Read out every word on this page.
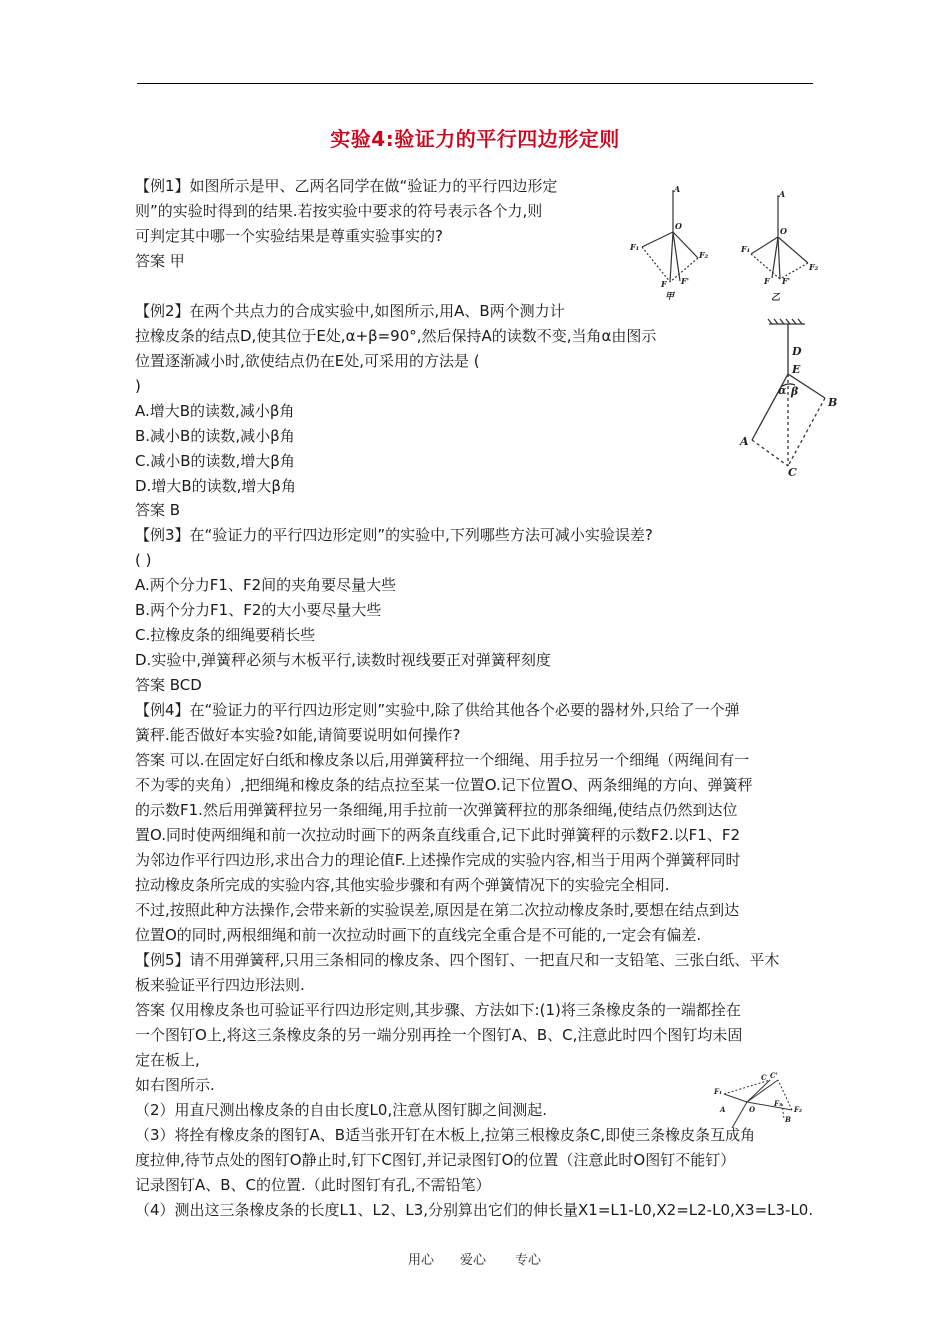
实验4:验证力的平行四边形定则
【例1】如图所示是甲、乙两名同学在做“验证力的平行四边形定
则”的实验时得到的结果.若按实验中要求的符号表示各个力,则
可判定其中哪一个实验结果是尊重实验事实的?
答案 甲
【例2】在两个共点力的合成实验中,如图所示,用A、B两个测力计
拉橡皮条的结点D,使其位于E处,α+β=90°,然后保持A的读数不变,当角α由图示
位置逐渐减小时,欲使结点仍在E处,可采用的方法是 (
)
A.增大B的读数,减小β角
B.减小B的读数,减小β角
C.减小B的读数,增大β角
D.增大B的读数,增大β角
答案 B
【例3】在“验证力的平行四边形定则”的实验中,下列哪些方法可减小实验误差?
( )
A.两个分力F1、F2间的夹角要尽量大些
B.两个分力F1、F2的大小要尽量大些
C.拉橡皮条的细绳要稍长些
D.实验中,弹簧秤必须与木板平行,读数时视线要正对弹簧秤刻度
答案 BCD
【例4】在“验证力的平行四边形定则”实验中,除了供给其他各个必要的器材外,只给了一个弹
簧秤.能否做好本实验?如能,请简要说明如何操作?
答案 可以.在固定好白纸和橡皮条以后,用弹簧秤拉一个细绳、用手拉另一个细绳（两绳间有一
不为零的夹角）,把细绳和橡皮条的结点拉至某一位置O.记下位置O、两条细绳的方向、弹簧秤
的示数F1.然后用弹簧秤拉另一条细绳,用手拉前一次弹簧秤拉的那条细绳,使结点仍然到达位
置O.同时使两细绳和前一次拉动时画下的两条直线重合,记下此时弹簧秤的示数F2.以F1、F2
为邻边作平行四边形,求出合力的理论值F.上述操作完成的实验内容,相当于用两个弹簧秤同时
拉动橡皮条所完成的实验内容,其他实验步骤和有两个弹簧情况下的实验完全相同.
不过,按照此种方法操作,会带来新的实验误差,原因是在第二次拉动橡皮条时,要想在结点到达
位置O的同时,两根细绳和前一次拉动时画下的直线完全重合是不可能的,一定会有偏差.
【例5】请不用弹簧秤,只用三条相同的橡皮条、四个图钉、一把直尺和一支铅笔、三张白纸、平木
板来验证平行四边形法则.
答案 仅用橡皮条也可验证平行四边形定则,其步骤、方法如下:(1)将三条橡皮条的一端都拴在
一个图钉O上,将这三条橡皮条的另一端分别再拴一个图钉A、B、C,注意此时四个图钉均未固
定在板上,
如右图所示.
（2）用直尺测出橡皮条的自由长度L0,注意从图钉脚之间测起.
（3）将拴有橡皮条的图钉A、B适当张开钉在木板上,拉第三根橡皮条C,即使三条橡皮条互成角
度拉伸,待节点处的图钉O静止时,钉下C图钉,并记录图钉O的位置（注意此时O图钉不能钉）
记录图钉A、B、C的位置.（此时图钉有孔,不需铅笔）
（4）测出这三条橡皮条的长度L1、L2、L3,分别算出它们的伸长量X1=L1-L0,X2=L2-L0,X3=L3-L0.
A
O
F₁
F₂
F F'
A
O
F₁
F₂
F F'
甲	乙
D
E
α β
B
A
C
F₁
C C'
O
A
F₃
F₂
B
用心 爱心 专心
